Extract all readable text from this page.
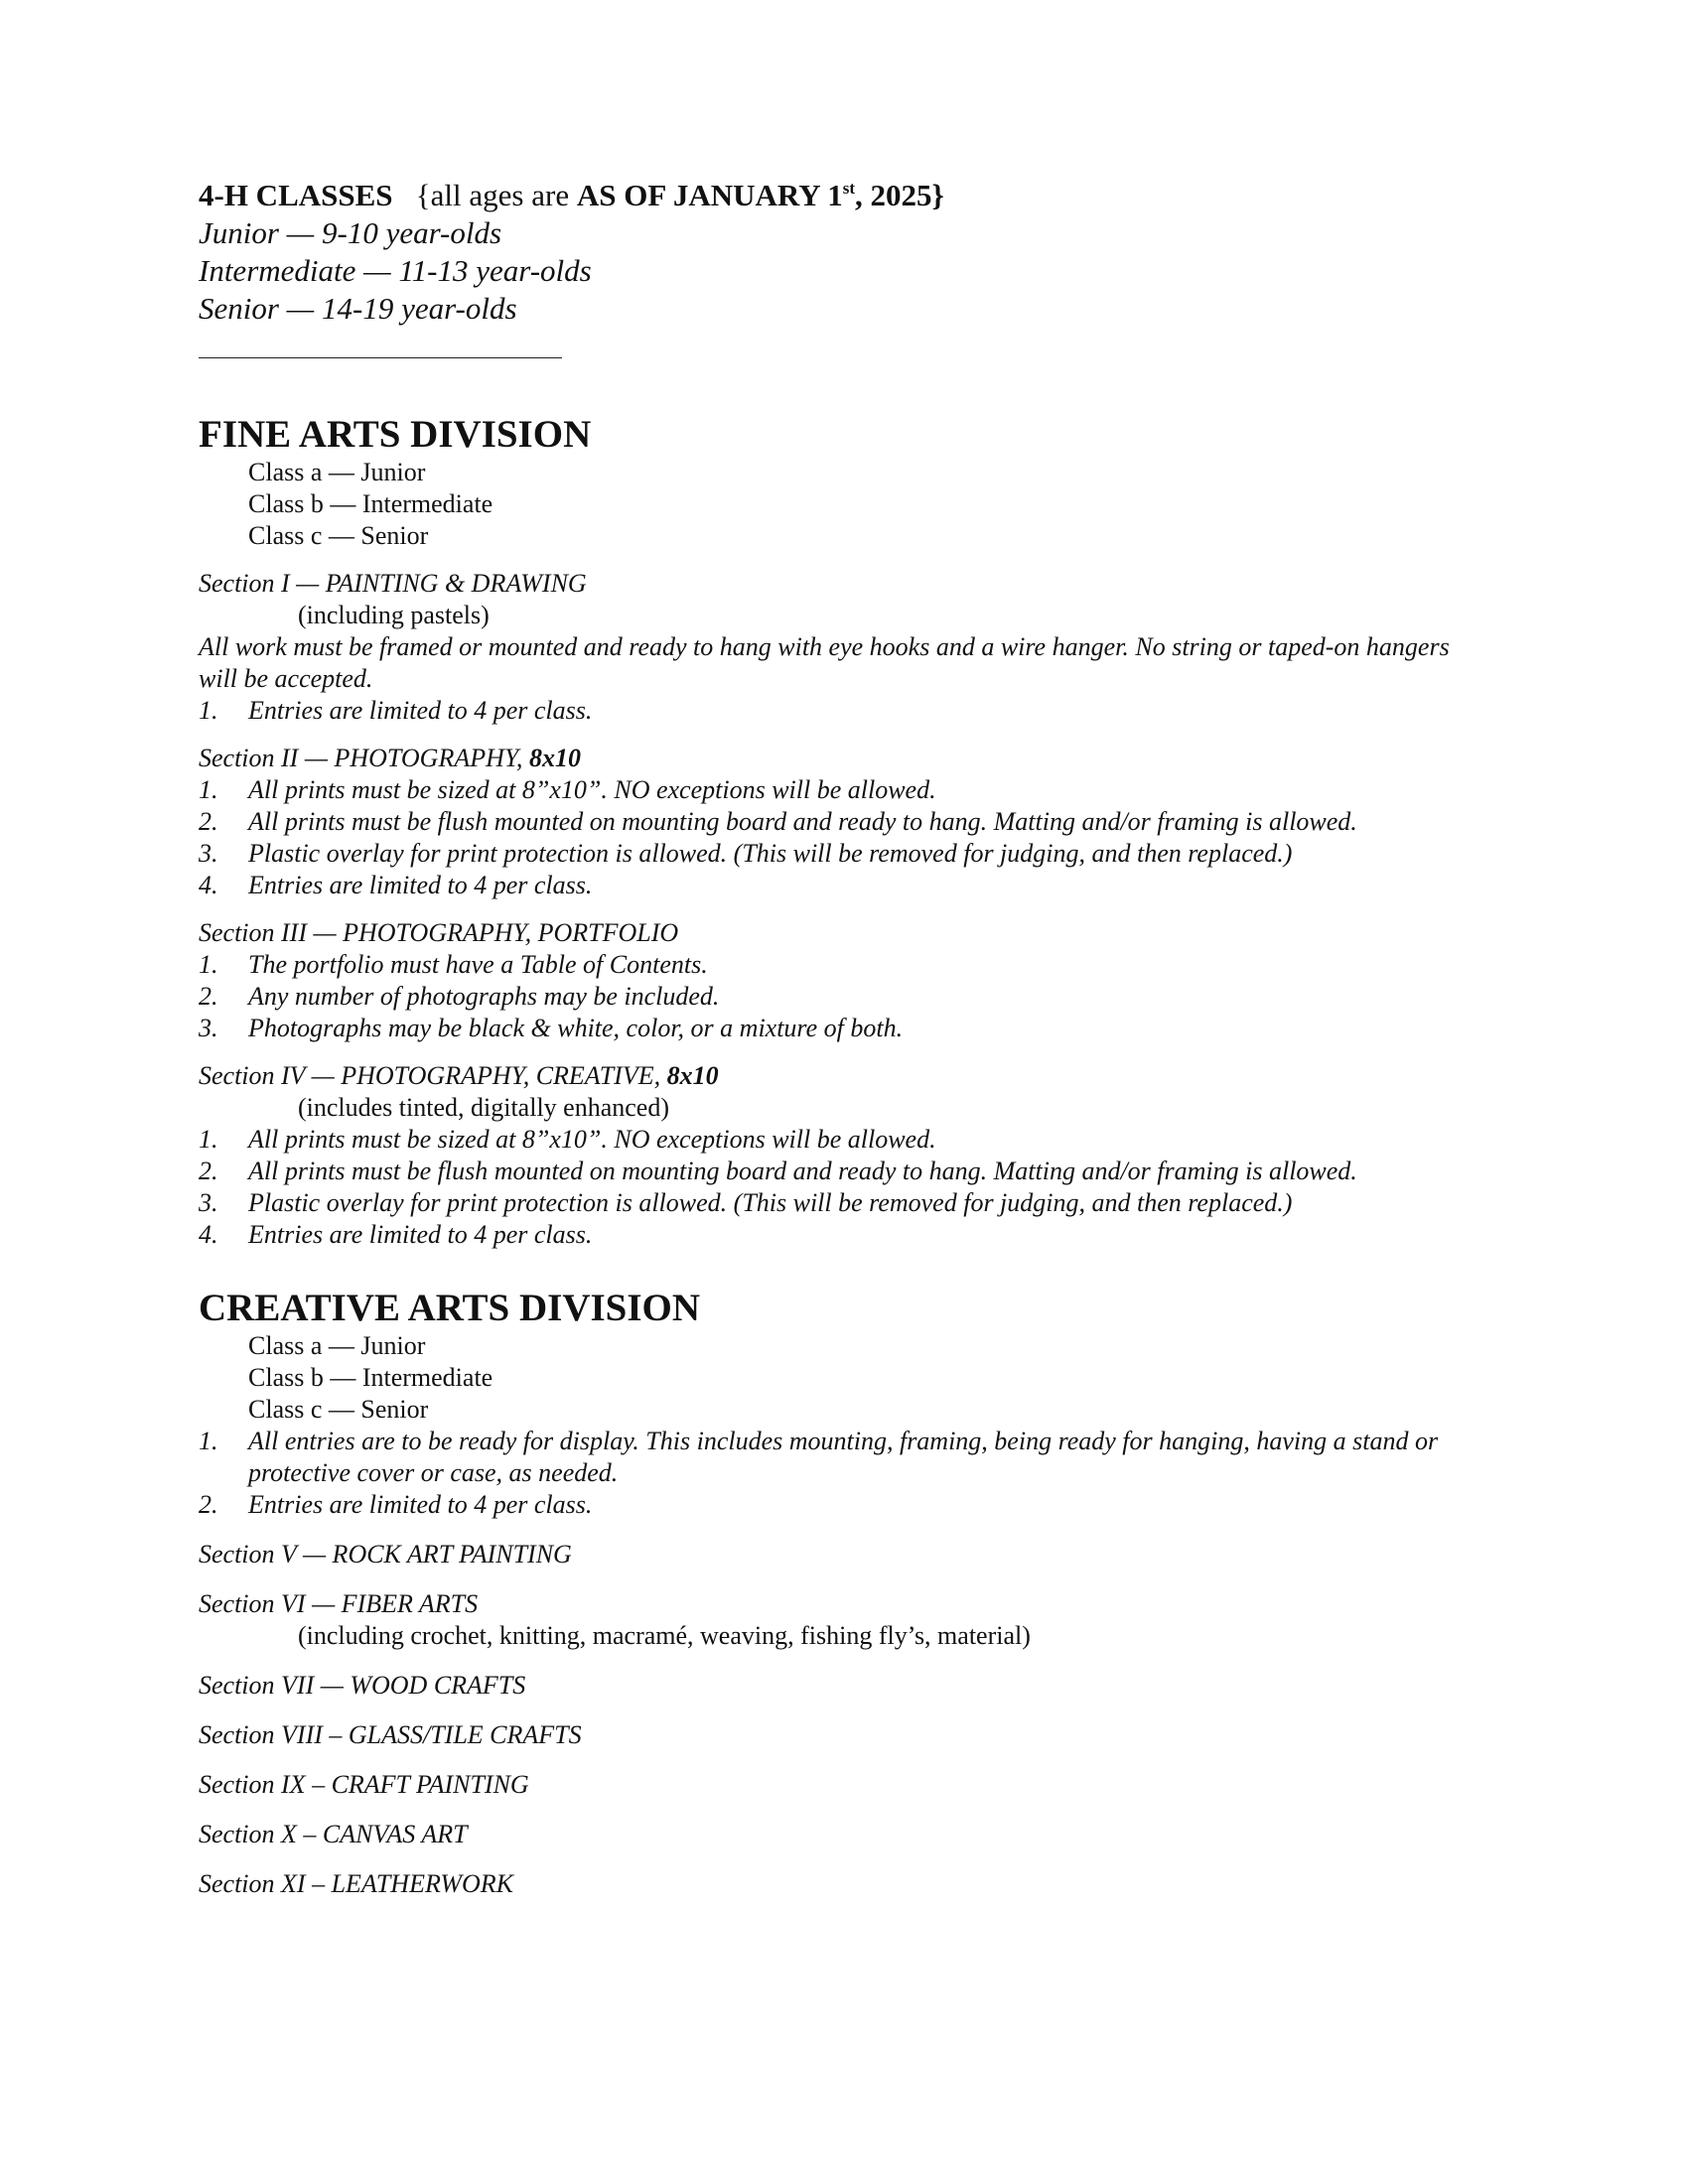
4-H CLASSES {all ages are AS OF JANUARY 1st, 2025}
Junior — 9-10 year-olds
Intermediate — 11-13 year-olds
Senior — 14-19 year-olds
FINE ARTS DIVISION
Class a — Junior
Class b — Intermediate
Class c — Senior
Section I — PAINTING & DRAWING
(including pastels)
All work must be framed or mounted and ready to hang with eye hooks and a wire hanger. No string or taped-on hangers will be accepted.
1. Entries are limited to 4 per class.
Section II — PHOTOGRAPHY, 8x10
1. All prints must be sized at 8”x10”. NO exceptions will be allowed.
2. All prints must be flush mounted on mounting board and ready to hang. Matting and/or framing is allowed.
3. Plastic overlay for print protection is allowed. (This will be removed for judging, and then replaced.)
4. Entries are limited to 4 per class.
Section III — PHOTOGRAPHY, PORTFOLIO
1. The portfolio must have a Table of Contents.
2. Any number of photographs may be included.
3. Photographs may be black & white, color, or a mixture of both.
Section IV — PHOTOGRAPHY, CREATIVE, 8x10
(includes tinted, digitally enhanced)
1. All prints must be sized at 8”x10”. NO exceptions will be allowed.
2. All prints must be flush mounted on mounting board and ready to hang. Matting and/or framing is allowed.
3. Plastic overlay for print protection is allowed. (This will be removed for judging, and then replaced.)
4. Entries are limited to 4 per class.
CREATIVE ARTS DIVISION
Class a — Junior
Class b — Intermediate
Class c — Senior
1. All entries are to be ready for display. This includes mounting, framing, being ready for hanging, having a stand or protective cover or case, as needed.
2. Entries are limited to 4 per class.
Section V — ROCK ART PAINTING
Section VI — FIBER ARTS
(including crochet, knitting, macramé, weaving, fishing fly’s, material)
Section VII — WOOD CRAFTS
Section VIII – GLASS/TILE CRAFTS
Section IX – CRAFT PAINTING
Section X – CANVAS ART
Section XI – LEATHERWORK
